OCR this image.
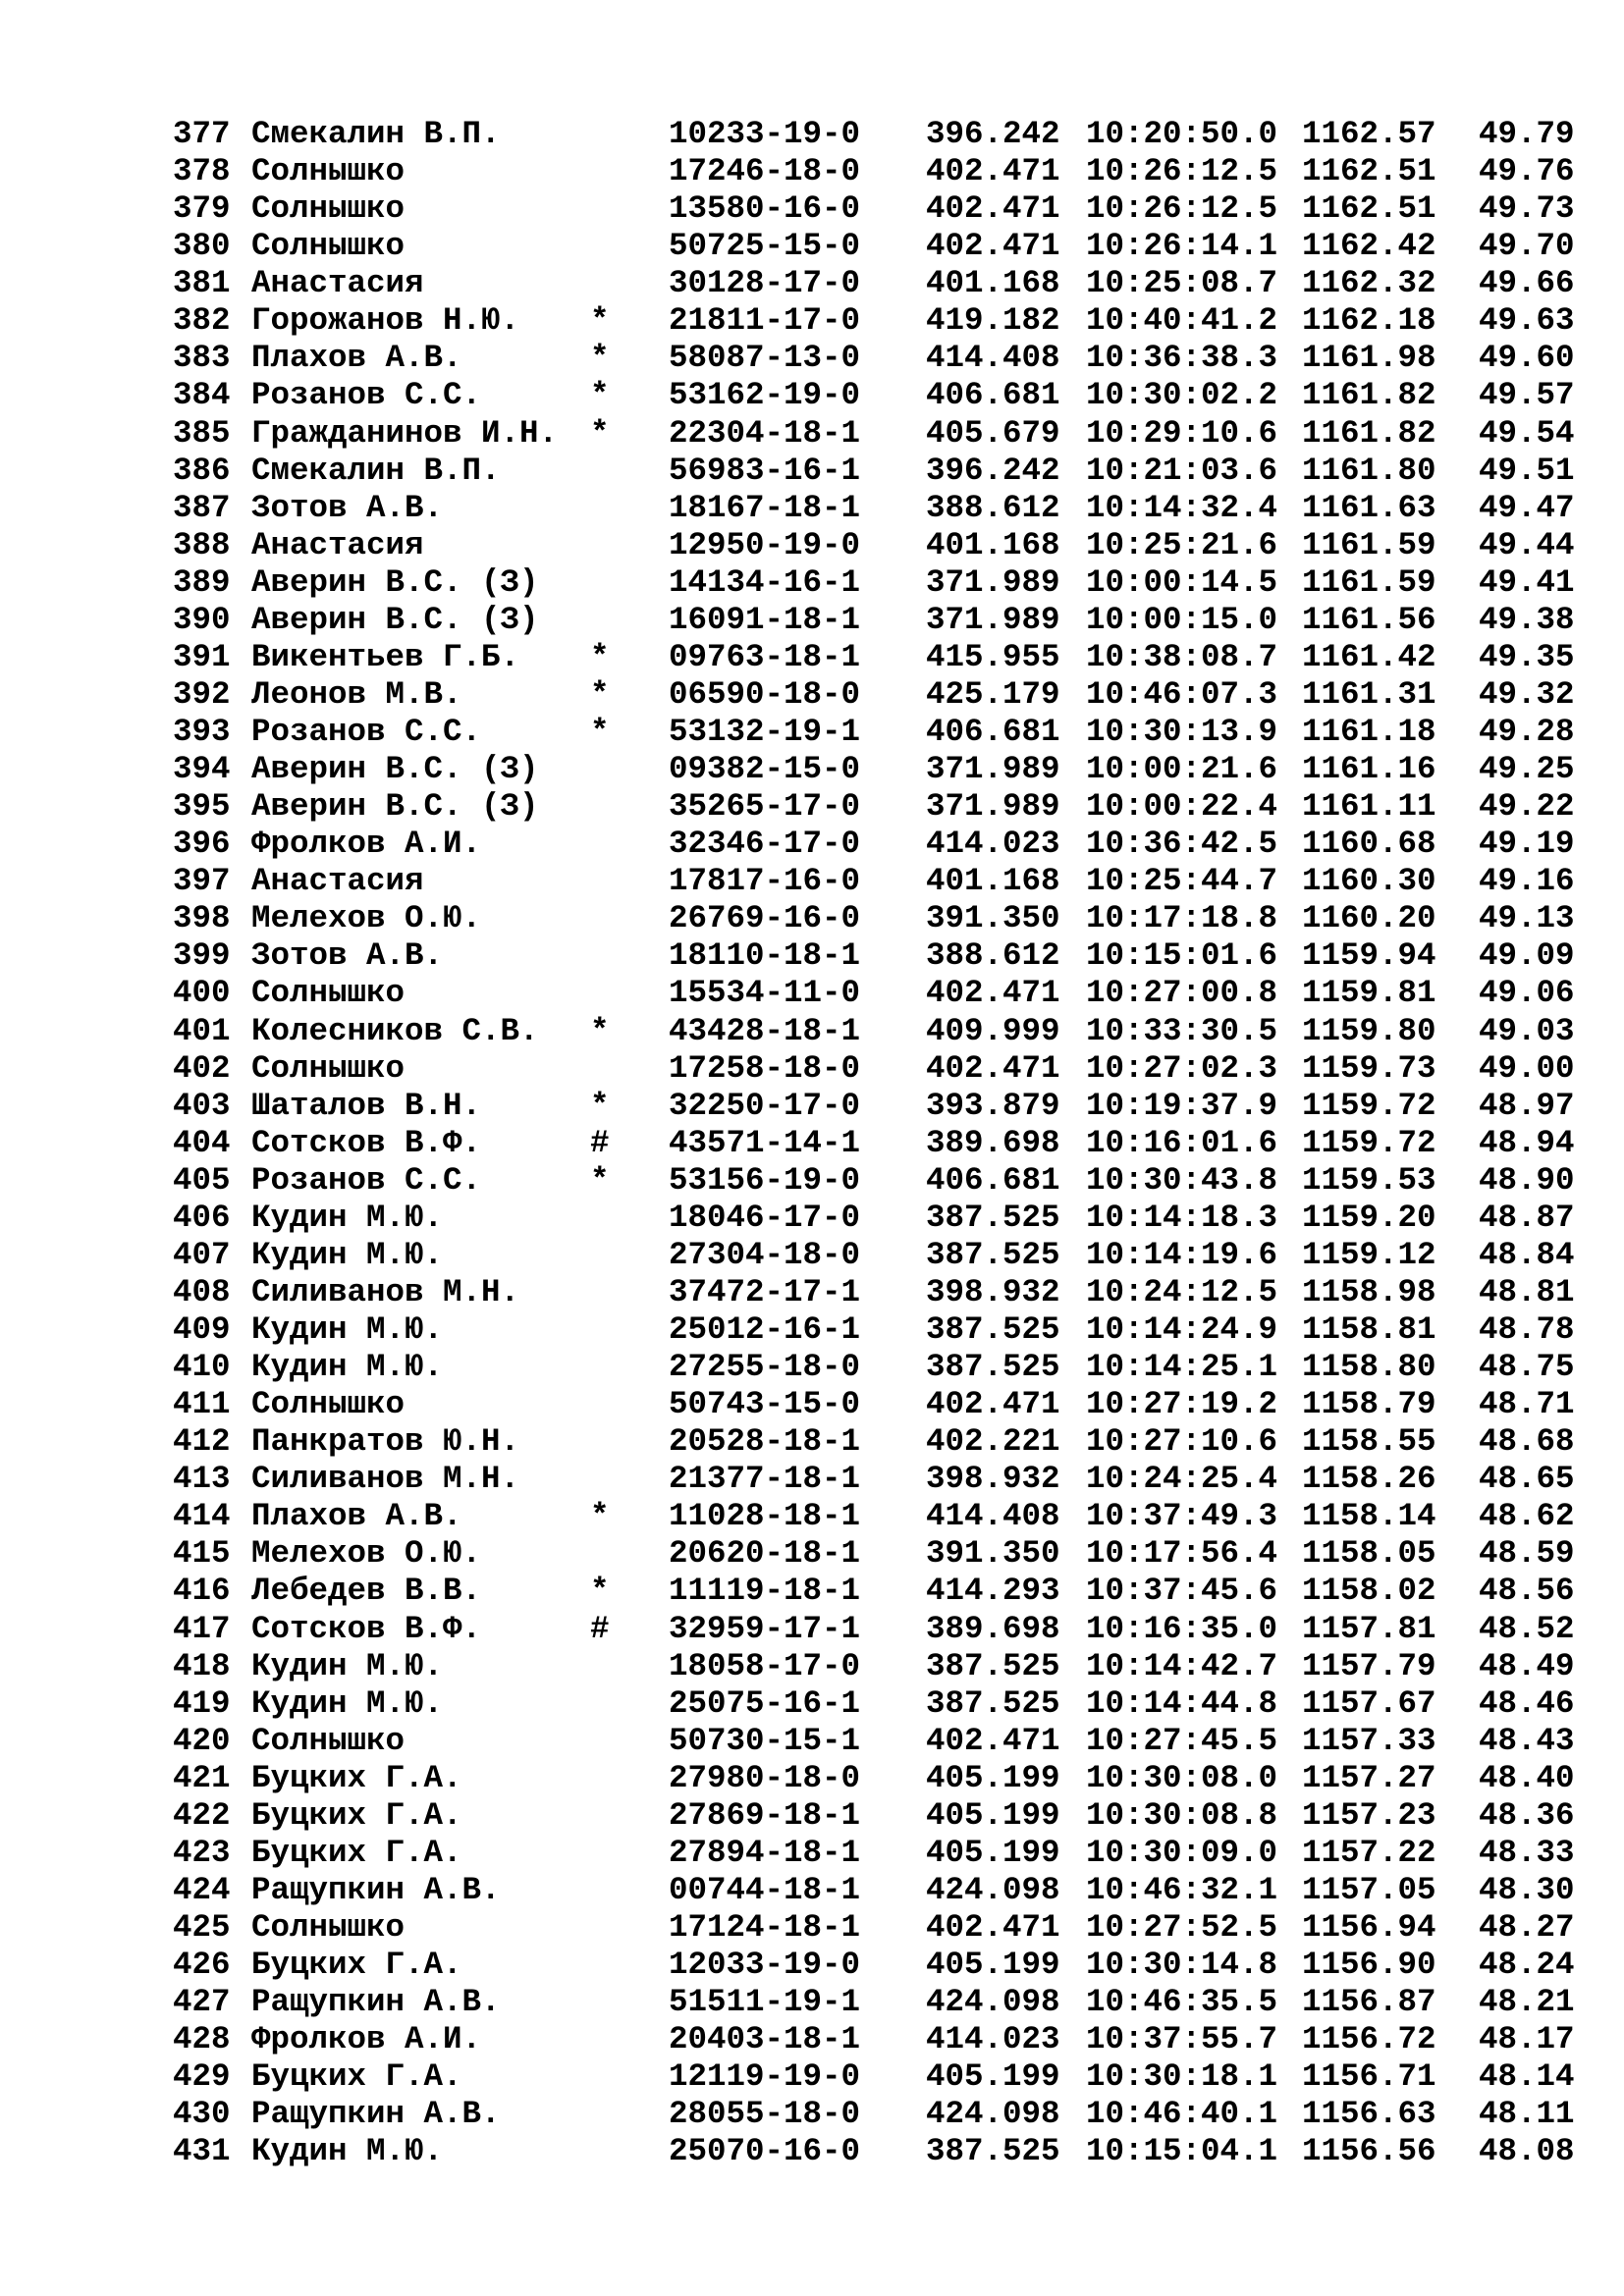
377 Смекалин В.П.	10233-19-0 396.242 10:20:50.0 1162.57 49.79
378 Солнышко	17246-18-0 402.471 10:26:12.5 1162.51 49.76
379 Солнышко	13580-16-0 402.471 10:26:12.5 1162.51 49.73
380 Солнышко	50725-15-0 402.471 10:26:14.1 1162.42 49.70
381 Анастасия	30128-17-0 401.168 10:25:08.7 1162.32 49.66
382 Горожанов Н.Ю. * 21811-17-0 419.182 10:40:41.2 1162.18 49.63
383 Плахов А.В.	* 58087-13-0 414.408 10:36:38.3 1161.98 49.60
384 Розанов С.С.	* 53162-19-0 406.681 10:30:02.2 1161.82 49.57
385 Гражданинов И.Н. * 22304-18-1 405.679 10:29:10.6 1161.82 49.54
386 Смекалин В.П.	56983-16-1 396.242 10:21:03.6 1161.80 49.51
387 Зотов А.В.	18167-18-1 388.612 10:14:32.4 1161.63 49.47
388 Анастасия	12950-19-0 401.168 10:25:21.6 1161.59 49.44
389 Аверин В.С. (З)	14134-16-1 371.989 10:00:14.5 1161.59 49.41
390 Аверин В.С. (З)	16091-18-1 371.989 10:00:15.0 1161.56 49.38
391 Викентьев Г.Б. * 09763-18-1 415.955 10:38:08.7 1161.42 49.35
392 Леонов М.В.	* 06590-18-0 425.179 10:46:07.3 1161.31 49.32
393 Розанов С.С.	* 53132-19-1 406.681 10:30:13.9 1161.18 49.28
394 Аверин В.С. (З)	09382-15-0 371.989 10:00:21.6 1161.16 49.25
395 Аверин В.С. (З)	35265-17-0 371.989 10:00:22.4 1161.11 49.22
396 Фролков А.И.	32346-17-0 414.023 10:36:42.5 1160.68 49.19
397 Анастасия	17817-16-0 401.168 10:25:44.7 1160.30 49.16
398 Мелехов О.Ю.	26769-16-0 391.350 10:17:18.8 1160.20 49.13
399 Зотов А.В.	18110-18-1 388.612 10:15:01.6 1159.94 49.09
400 Солнышко	15534-11-0 402.471 10:27:00.8 1159.81 49.06
401 Колесников С.В. * 43428-18-1 409.999 10:33:30.5 1159.80 49.03
402 Солнышко	17258-18-0 402.471 10:27:02.3 1159.73 49.00
403 Шаталов В.Н.	* 32250-17-0 393.879 10:19:37.9 1159.72 48.97
404 Сотсков В.Ф.	# 43571-14-1 389.698 10:16:01.6 1159.72 48.94
405 Розанов С.С.	* 53156-19-0 406.681 10:30:43.8 1159.53 48.90
406 Кудин М.Ю.	18046-17-0 387.525 10:14:18.3 1159.20 48.87
407 Кудин М.Ю.	27304-18-0 387.525 10:14:19.6 1159.12 48.84
408 Силиванов М.Н.	37472-17-1 398.932 10:24:12.5 1158.98 48.81
409 Кудин М.Ю.	25012-16-1 387.525 10:14:24.9 1158.81 48.78
410 Кудин М.Ю.	27255-18-0 387.525 10:14:25.1 1158.80 48.75
411 Солнышко	50743-15-0 402.471 10:27:19.2 1158.79 48.71
412 Панкратов Ю.Н.	20528-18-1 402.221 10:27:10.6 1158.55 48.68
413 Силиванов М.Н.	21377-18-1 398.932 10:24:25.4 1158.26 48.65
414 Плахов А.В.	* 11028-18-1 414.408 10:37:49.3 1158.14 48.62
415 Мелехов О.Ю.	20620-18-1 391.350 10:17:56.4 1158.05 48.59
416 Лебедев В.В.	* 11119-18-1 414.293 10:37:45.6 1158.02 48.56
417 Сотсков В.Ф.	# 32959-17-1 389.698 10:16:35.0 1157.81 48.52
418 Кудин М.Ю.	18058-17-0 387.525 10:14:42.7 1157.79 48.49
419 Кудин М.Ю.	25075-16-1 387.525 10:14:44.8 1157.67 48.46
420 Солнышко	50730-15-1 402.471 10:27:45.5 1157.33 48.43
421 Буцких Г.А.	27980-18-0 405.199 10:30:08.0 1157.27 48.40
422 Буцких Г.А.	27869-18-1 405.199 10:30:08.8 1157.23 48.36
423 Буцких Г.А.	27894-18-1 405.199 10:30:09.0 1157.22 48.33
424 Ращупкин А.В.	00744-18-1 424.098 10:46:32.1 1157.05 48.30
425 Солнышко	17124-18-1 402.471 10:27:52.5 1156.94 48.27
426 Буцких Г.А.	12033-19-0 405.199 10:30:14.8 1156.90 48.24
427 Ращупкин А.В.	51511-19-1 424.098 10:46:35.5 1156.87 48.21
428 Фролков А.И.	20403-18-1 414.023 10:37:55.7 1156.72 48.17
429 Буцких Г.А.	12119-19-0 405.199 10:30:18.1 1156.71 48.14
430 Ращупкин А.В.	28055-18-0 424.098 10:46:40.1 1156.63 48.11
431 Кудин М.Ю.	25070-16-0 387.525 10:15:04.1 1156.56 48.08
